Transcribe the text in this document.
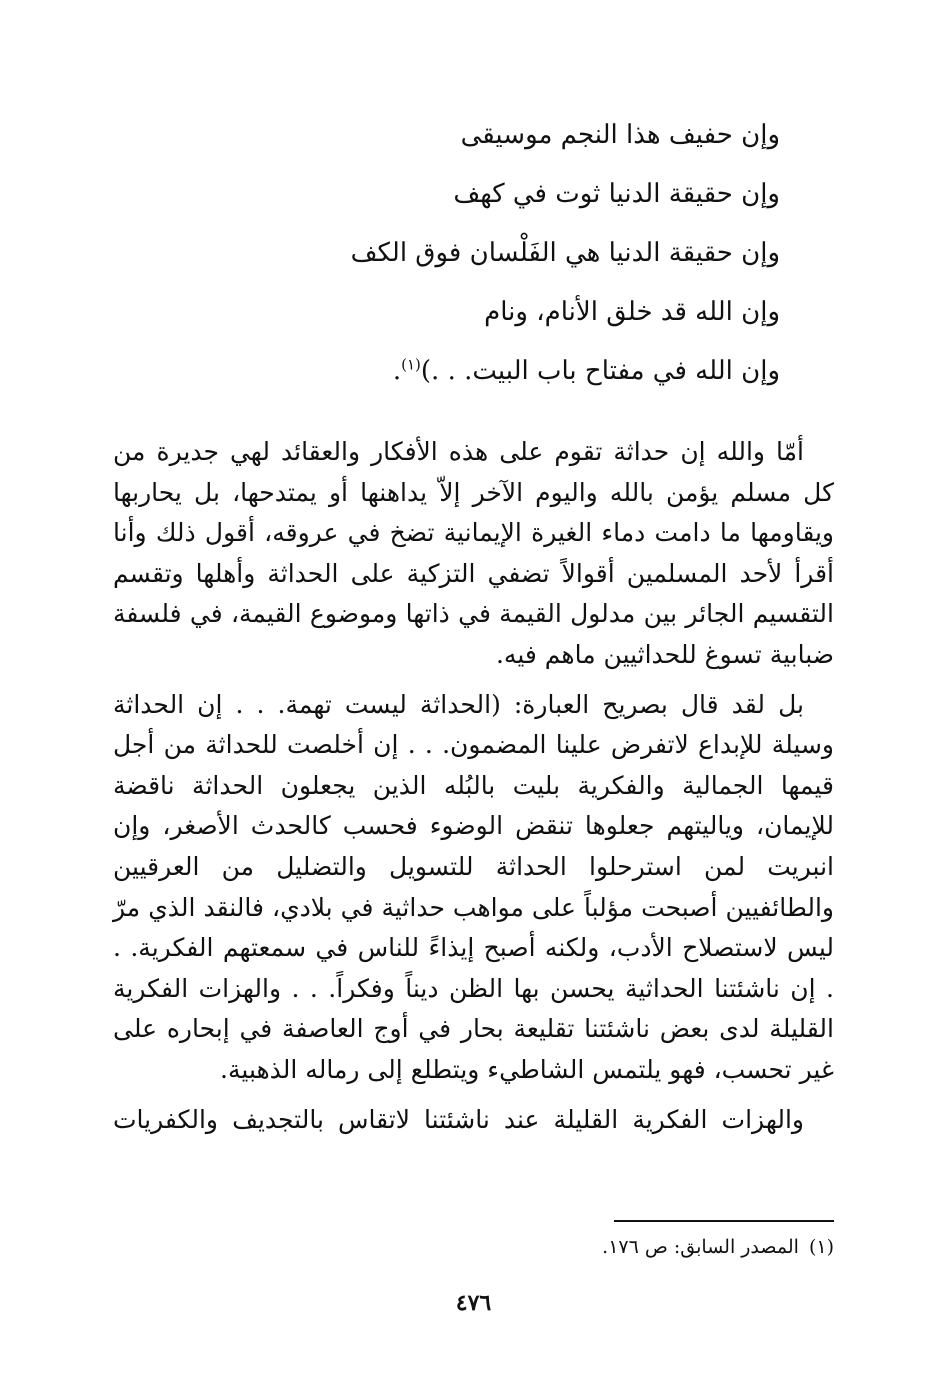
وإن حفيف هذا النجم موسيقى
وإن حقيقة الدنيا ثوت في كهف
وإن حقيقة الدنيا هي الفَلْسان فوق الكف
وإن الله قد خلق الأنام، ونام
وإن الله في مفتاح باب البيت. . .)$^{(١)}$.

أمّا والله إن حداثة تقوم على هذه الأفكار والعقائد لهي جديرة من كل مسلم يؤمن بالله واليوم الآخر إلاّ يداهنها أو يمتدحها، بل يحاربها ويقاومها ما دامت دماء الغيرة الإيمانية تضخ في عروقه، أقول ذلك وأنا أقرأ لأحد المسلمين أقوالاً تضفي التزكية على الحداثة وأهلها وتقسم التقسيم الجائر بين مدلول القيمة في ذاتها وموضوع القيمة، في فلسفة ضبابية تسوغ للحداثيين ماهم فيه.

بل لقد قال بصريح العبارة: (الحداثة ليست تهمة. . . إن الحداثة وسيلة للإبداع لاتفرض علينا المضمون. . . إن أخلصت للحداثة من أجل قيمها الجمالية والفكرية بليت بالبُله الذين يجعلون الحداثة ناقضة للإيمان، وياليتهم جعلوها تنقض الوضوء فحسب كالحدث الأصغر، وإن انبريت لمن استرحلوا الحداثة للتسويل والتضليل من العرقيين والطائفيين أصبحت مؤلباً على مواهب حداثية في بلادي، فالنقد الذي مرّ ليس لاستصلاح الأدب، ولكنه أصبح إيذاءً للناس في سمعتهم الفكرية. . . إن ناشئتنا الحداثية يحسن بها الظن ديناً وفكراً. . . والهزات الفكرية القليلة لدى بعض ناشئتنا تقليعة بحار في أوج العاصفة في إبحاره على غير تحسب، فهو يلتمس الشاطيء ويتطلع إلى رماله الذهبية.

والهزات الفكرية القليلة عند ناشئتنا لاتقاس بالتجديف والكفريات

(١)المصدر السابق: ص ١٧٦.
٤٧٦
